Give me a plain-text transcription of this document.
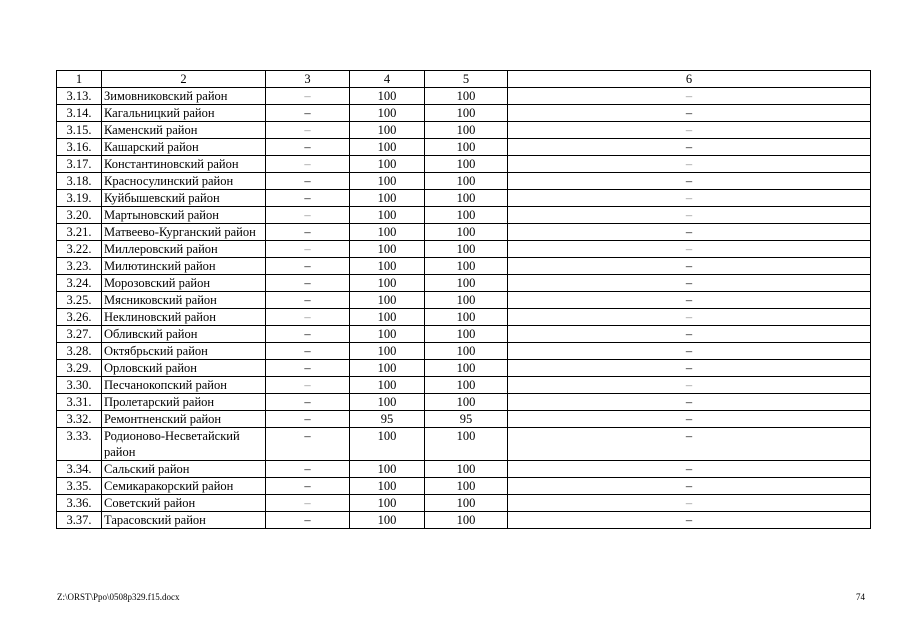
1	2	3	4	5	6
3.13.	Зимовниковский район	–	100	100	–
3.14.	Кагальницкий район	–	100	100	–
3.15.	Каменский район	–	100	100	–
3.16.	Кашарский район	–	100	100	–
3.17.	Константиновский район	–	100	100	–
3.18.	Красносулинский район	–	100	100	–
3.19.	Куйбышевский район	–	100	100	–
3.20.	Мартыновский район	–	100	100	–
3.21.	Матвеево-Курганский район	–	100	100	–
3.22.	Миллеровский район	–	100	100	–
3.23.	Милютинский район	–	100	100	–
3.24.	Морозовский район	–	100	100	–
3.25.	Мясниковский район	–	100	100	–
3.26.	Неклиновский район	–	100	100	–
3.27.	Обливский район	–	100	100	–
3.28.	Октябрьский район	–	100	100	–
3.29.	Орловский район	–	100	100	–
3.30.	Песчанокопский район	–	100	100	–
3.31.	Пролетарский район	–	100	100	–
3.32.	Ремонтненский район	–	95	95	–
3.33.	Родионово-Несветайский район	–	100	100	–
3.34.	Сальский район	–	100	100	–
3.35.	Семикаракорский район	–	100	100	–
3.36.	Советский район	–	100	100	–
3.37.	Тарасовский район	–	100	100	–
Z:\ORST\Ppo\0508p329.f15.docx	74
